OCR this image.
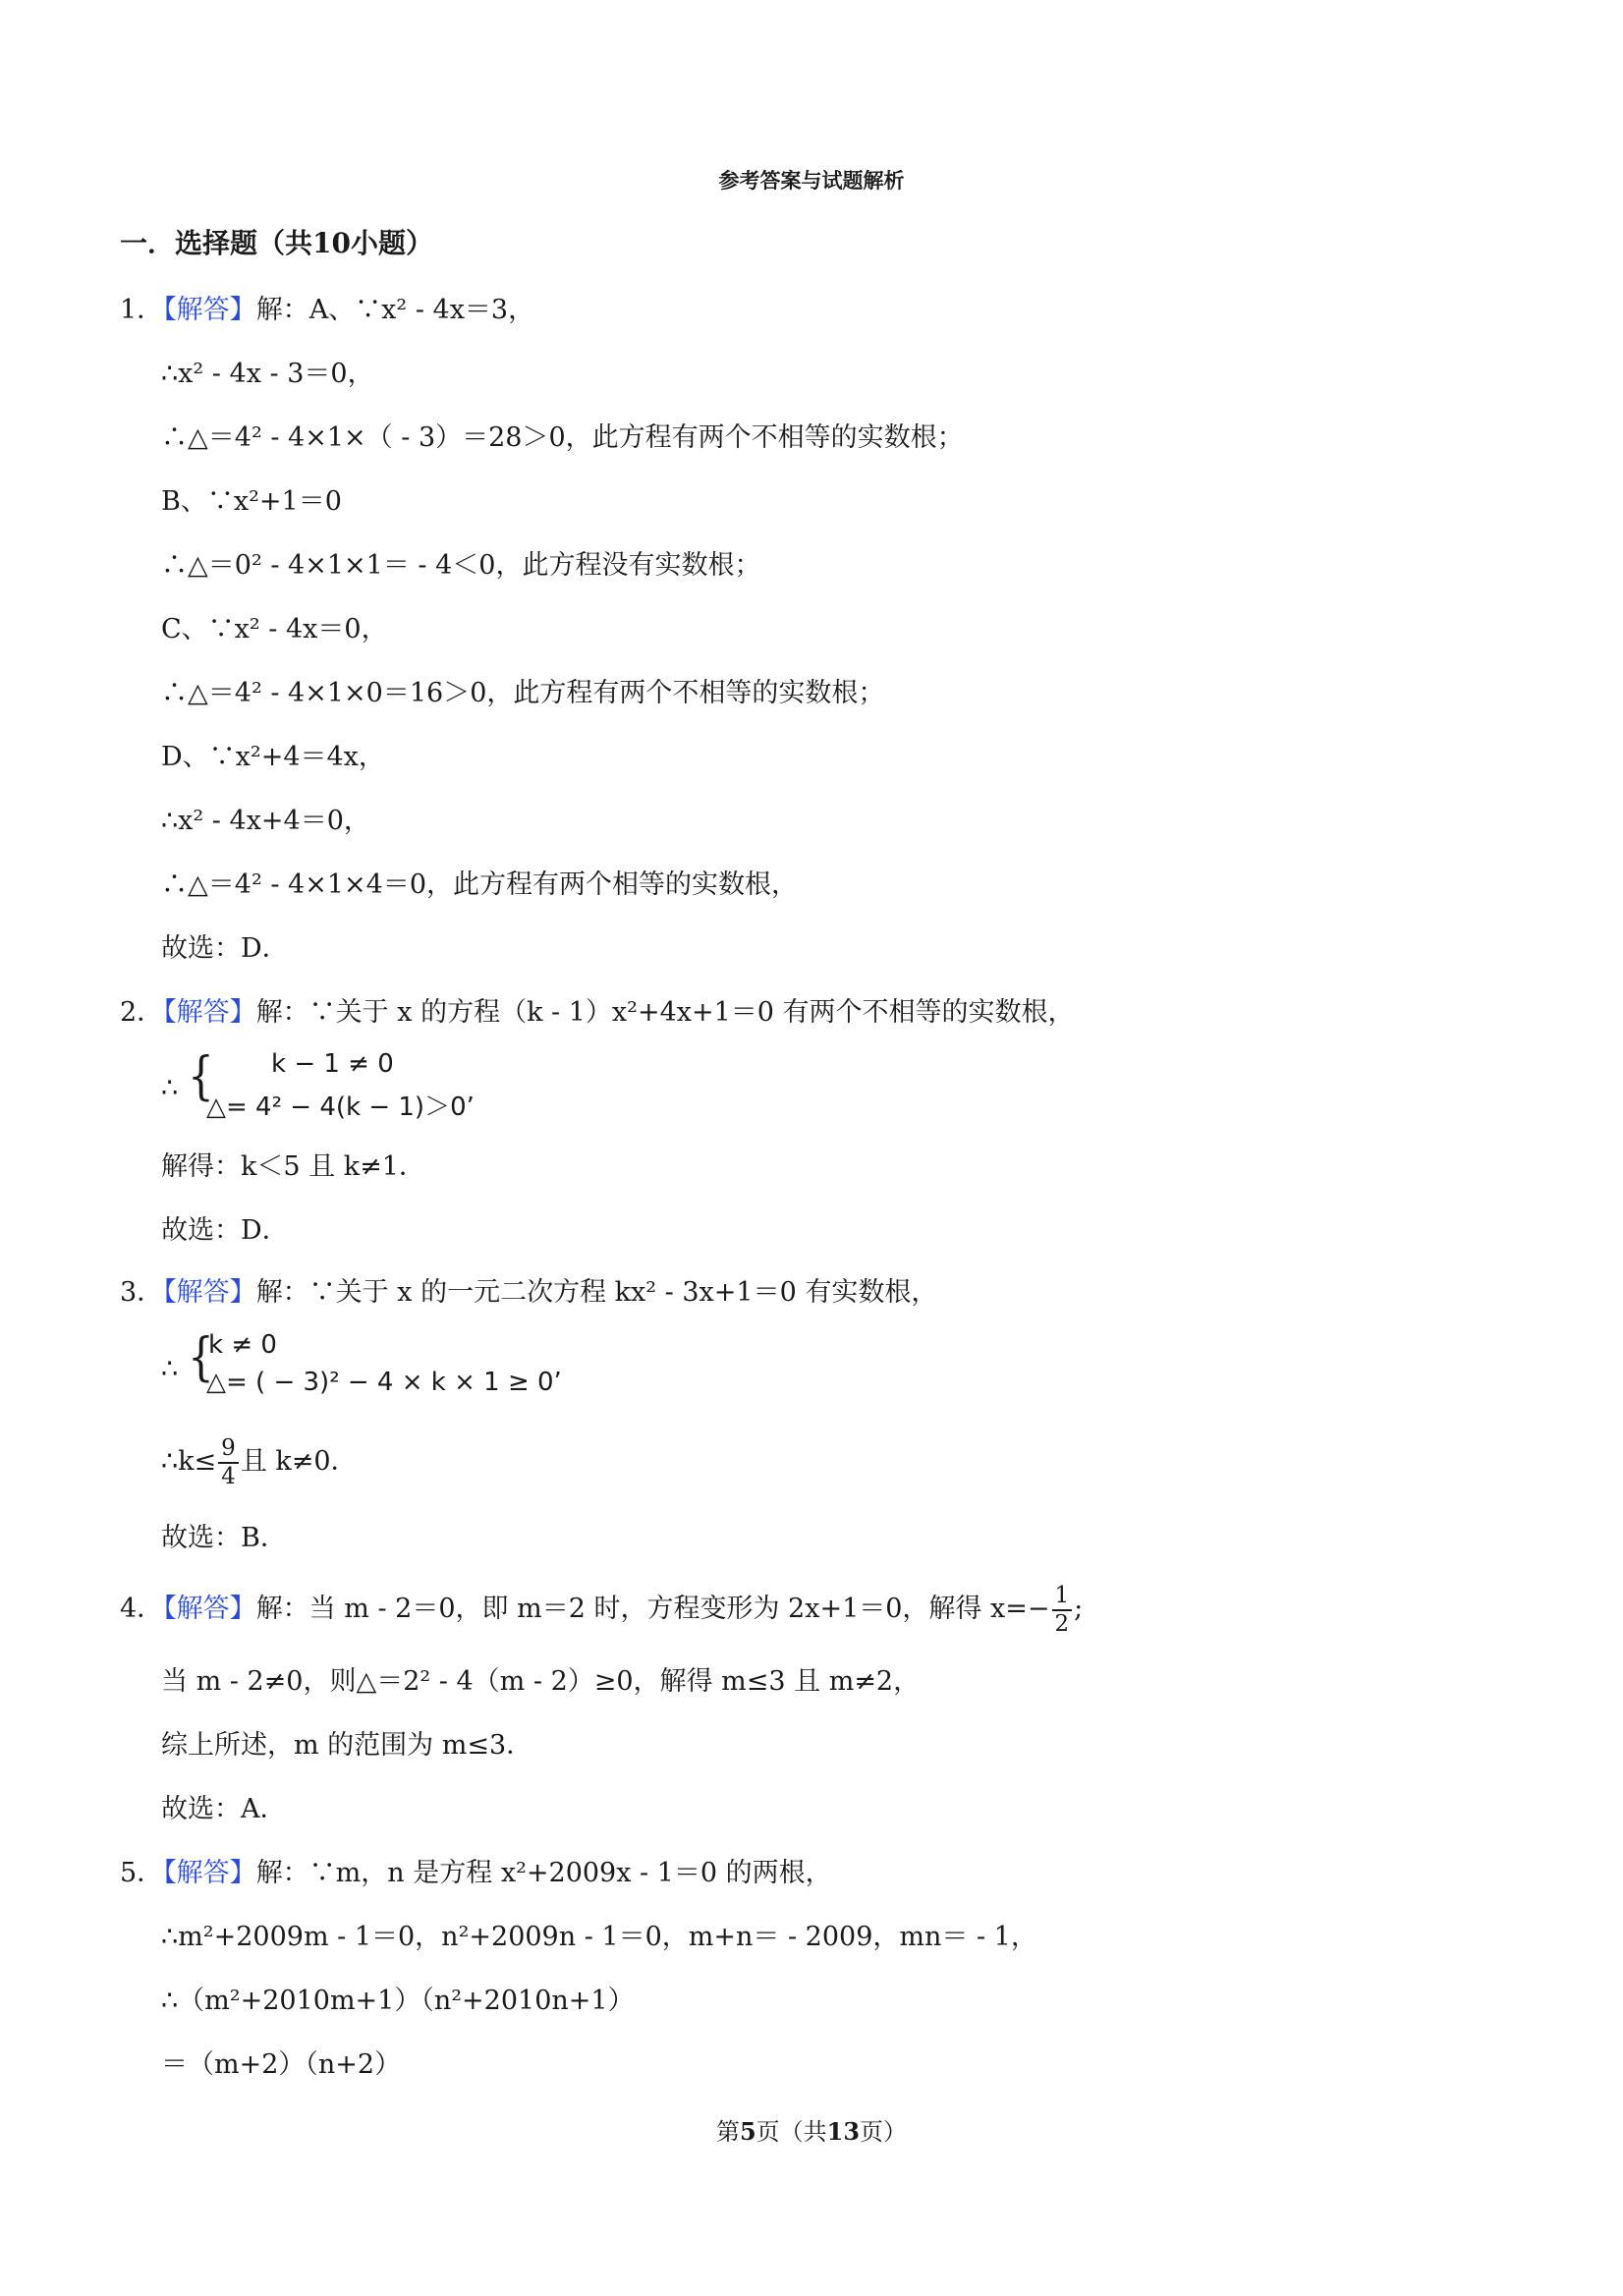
参考答案与试题解析
一．选择题（共10小题）
1．【解答】解：A、∵x² - 4x＝3，
∴x² - 4x - 3＝0，
∴△＝4² - 4×1×（ - 3）＝28＞0，此方程有两个不相等的实数根；
B、∵x²+1＝0
∴△＝0² - 4×1×1＝ - 4＜0，此方程没有实数根；
C、∵x² - 4x＝0，
∴△＝4² - 4×1×0＝16＞0，此方程有两个不相等的实数根；
D、∵x²+4＝4x，
∴x² - 4x+4＝0，
∴△＝4² - 4×1×4＝0，此方程有两个相等的实数根，
故选：D．
2．【解答】解：∵关于 x 的方程（k - 1）x²+4x+1＝0 有两个不相等的实数根，
∴ { k − 1 ≠ 0
△= 4² − 4(k − 1)＞0’
解得：k＜5 且 k≠1．
故选：D．
3．【解答】解：∵关于 x 的一元二次方程 kx² - 3x+1＝0 有实数根，
∴ {
k ≠ 0
△= ( − 3)² − 4 × k × 1 ≥ 0’
∴k≤ $\frac{9}{4}$ 且 k≠0．
故选：B．
4．【解答】解：当 m - 2＝0，即 m＝2 时，方程变形为 2x+1＝0，解得 $x=- \frac{1}{2}$ ;
当 m - 2≠0，则△＝2² - 4（m - 2）≥0，解得 m≤3 且 m≠2，
综上所述，m 的范围为 m≤3．
故选：A．
5．【解答】解：∵m，n 是方程 x²+2009x - 1＝0 的两根，
∴m²+2009m - 1＝0，n²+2009n - 1＝0，m+n＝ - 2009，mn＝ - 1，
∴（m²+2010m+1）（n²+2010n+1）
＝（m+2）（n+2）
第5页（共13页）
